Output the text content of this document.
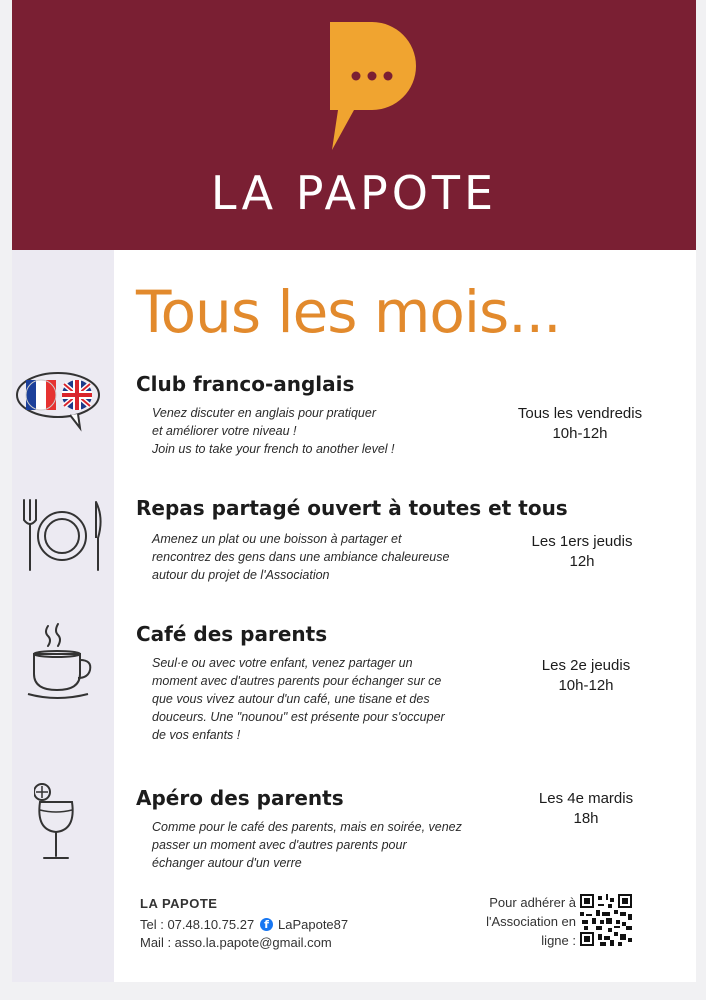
LA PAPOTE
Tous les mois...
Club franco-anglais
Venez discuter en anglais pour pratiquer
et améliorer votre niveau !
Join us to take your french to another level !
Tous les vendredis
10h-12h
Repas partagé ouvert à toutes et tous
Amenez un plat ou une boisson à partager et
rencontrez des gens dans une ambiance chaleureuse
autour du projet de l'Association
Les 1ers jeudis
12h
Café des parents
Seul·e ou avec votre enfant, venez partager un
moment avec d'autres parents pour échanger sur ce
que vous vivez autour d'un café, une tisane et des
douceurs. Une "nounou" est présente pour s'occuper
de vos enfants !
Les 2e jeudis
10h-12h
Apéro des parents
Comme pour le café des parents, mais en soirée, venez
passer un moment avec d'autres parents pour
échanger autour d'un verre
Les 4e mardis
18h
LA PAPOTE
Tel : 07.48.10.75.27 f LaPapote87
Mail : asso.la.papote@gmail.com
Pour adhérer à
l'Association en
ligne :
